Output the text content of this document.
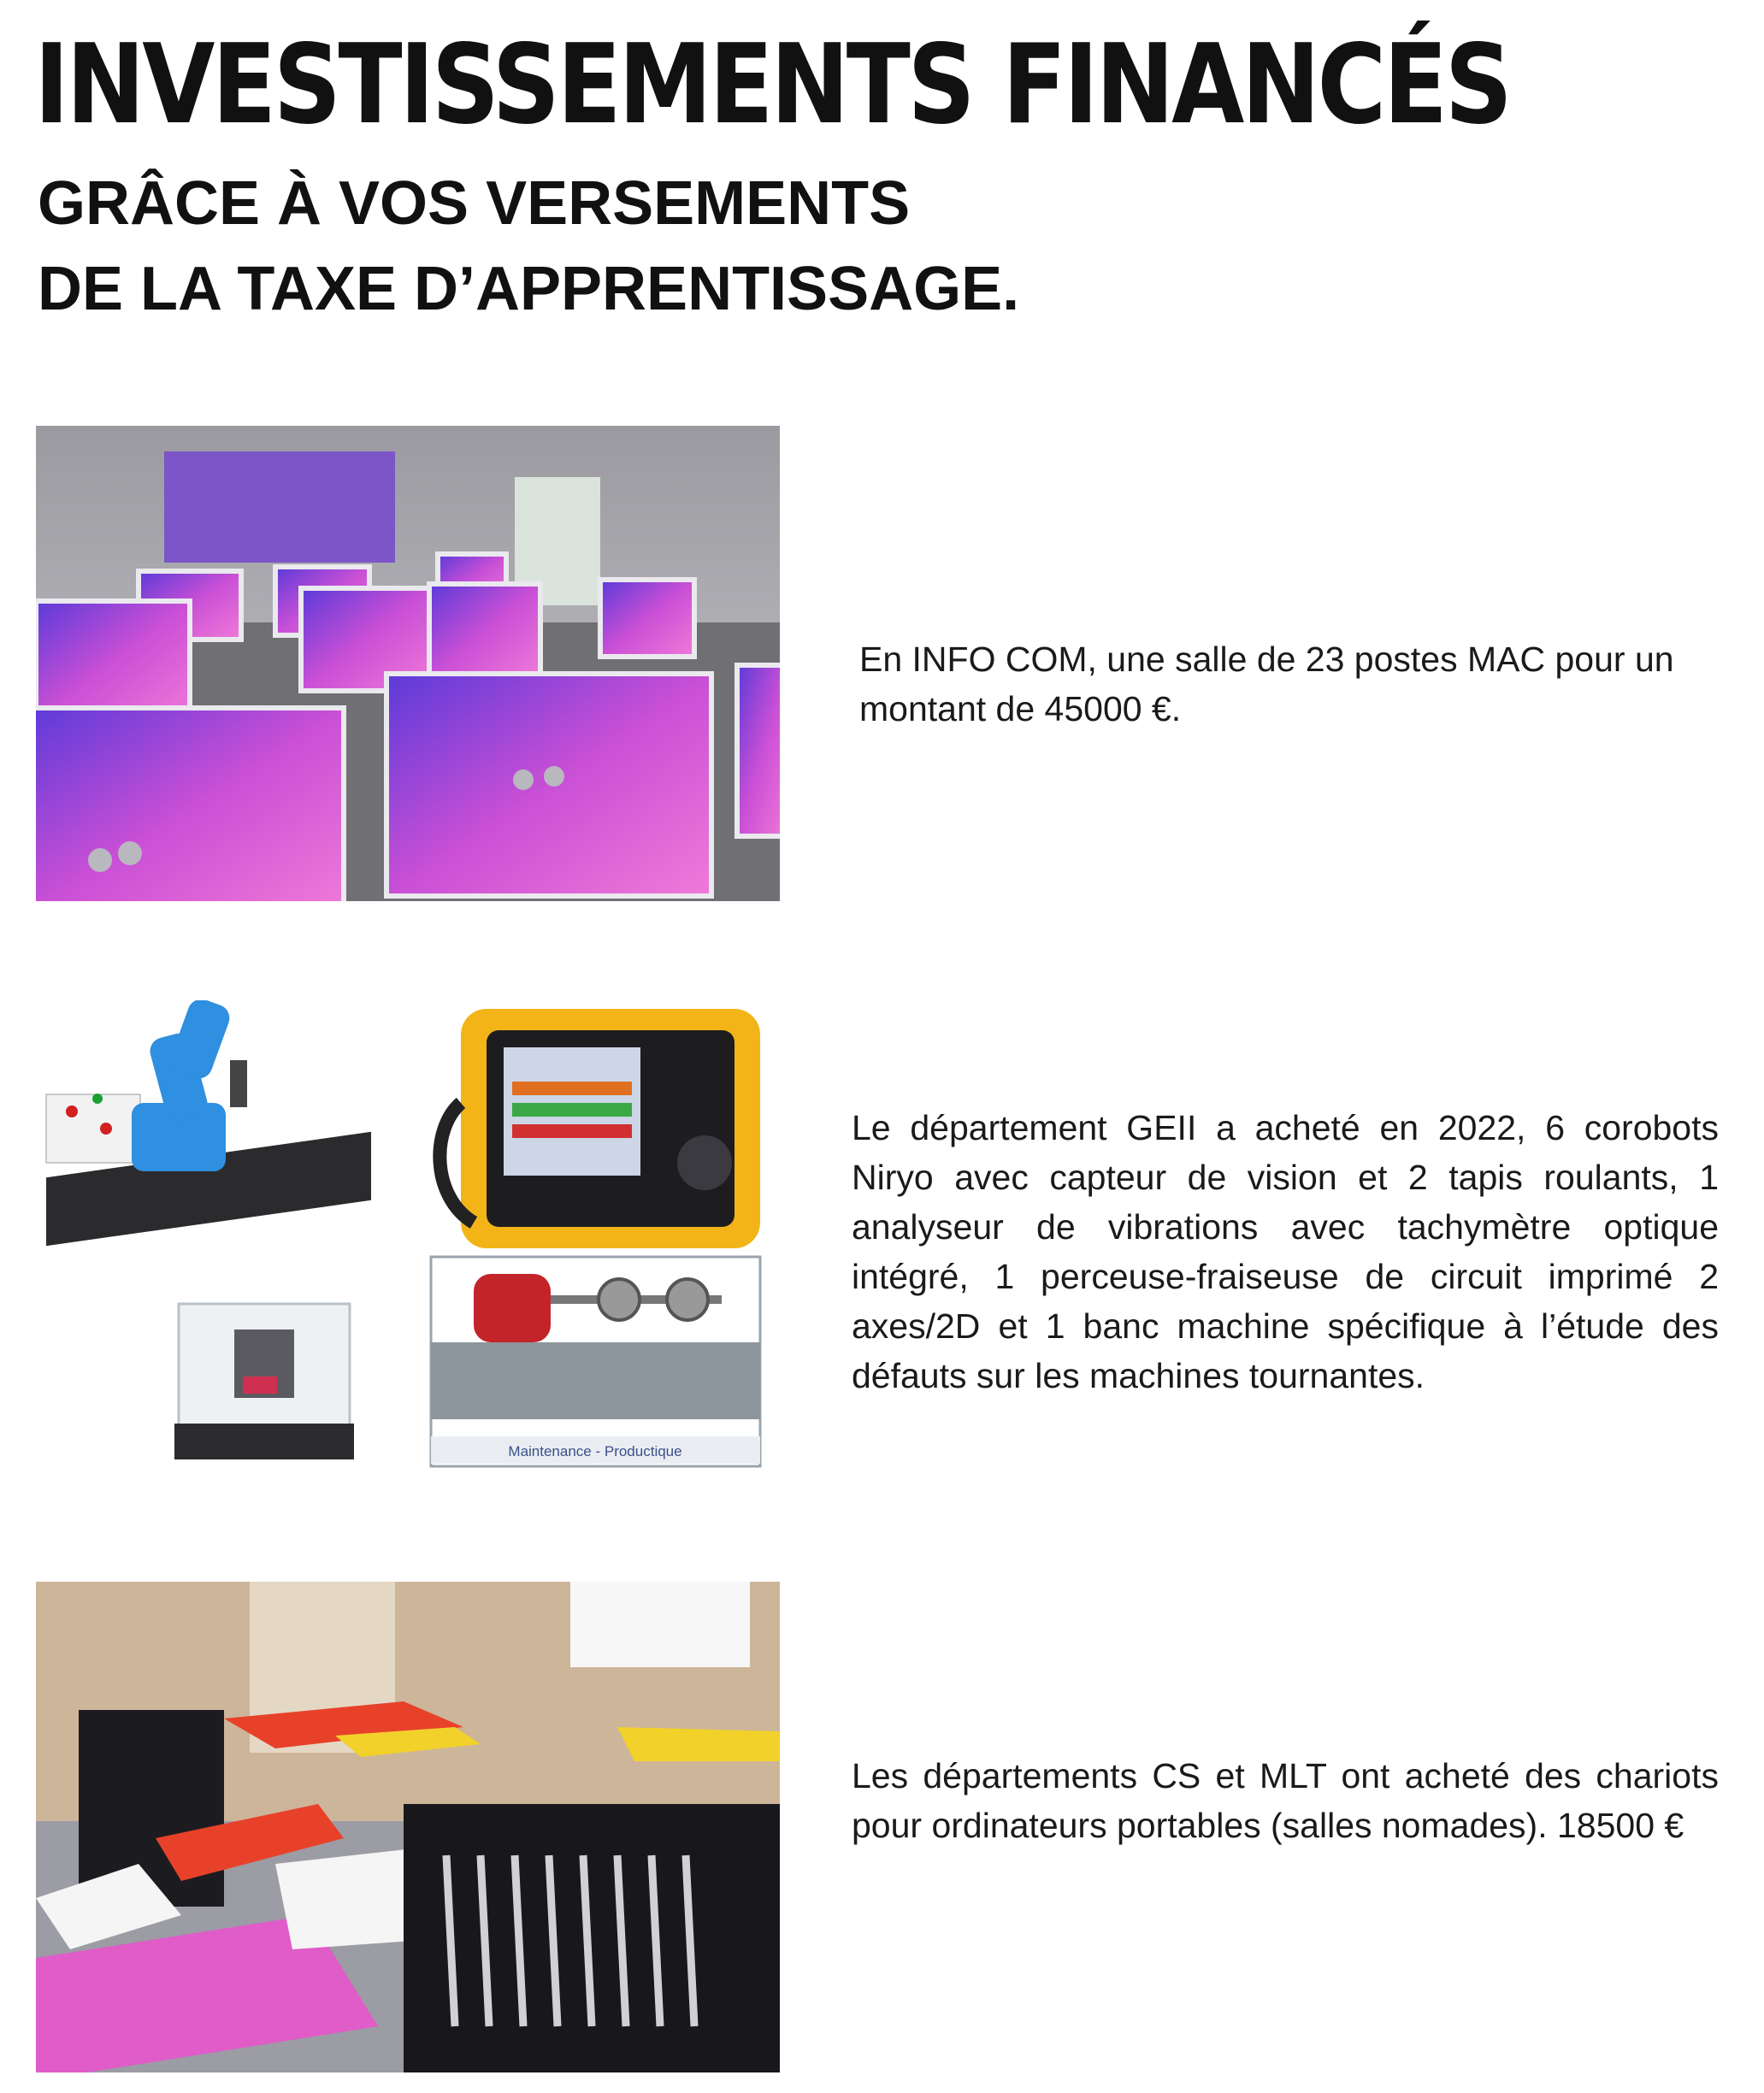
INVESTISSEMENTS FINANCÉS
GRÂCE À VOS VERSEMENTS
DE LA TAXE D’APPRENTISSAGE.

En INFO COM, une salle de 23 postes MAC pour un montant de 45000 €.

Maintenance - Productique

Le département GEII a acheté en 2022, 6 corobots Niryo avec capteur de vision et 2 tapis roulants, 1 analyseur de vibrations avec tachymètre optique intégré, 1 perceuse-fraiseuse de circuit imprimé 2 axes/2D et 1 banc machine spécifique à l’étude des défauts sur les machines tournantes.

Les départements CS et MLT ont acheté des chariots pour ordinateurs portables (salles nomades). 18500 €
